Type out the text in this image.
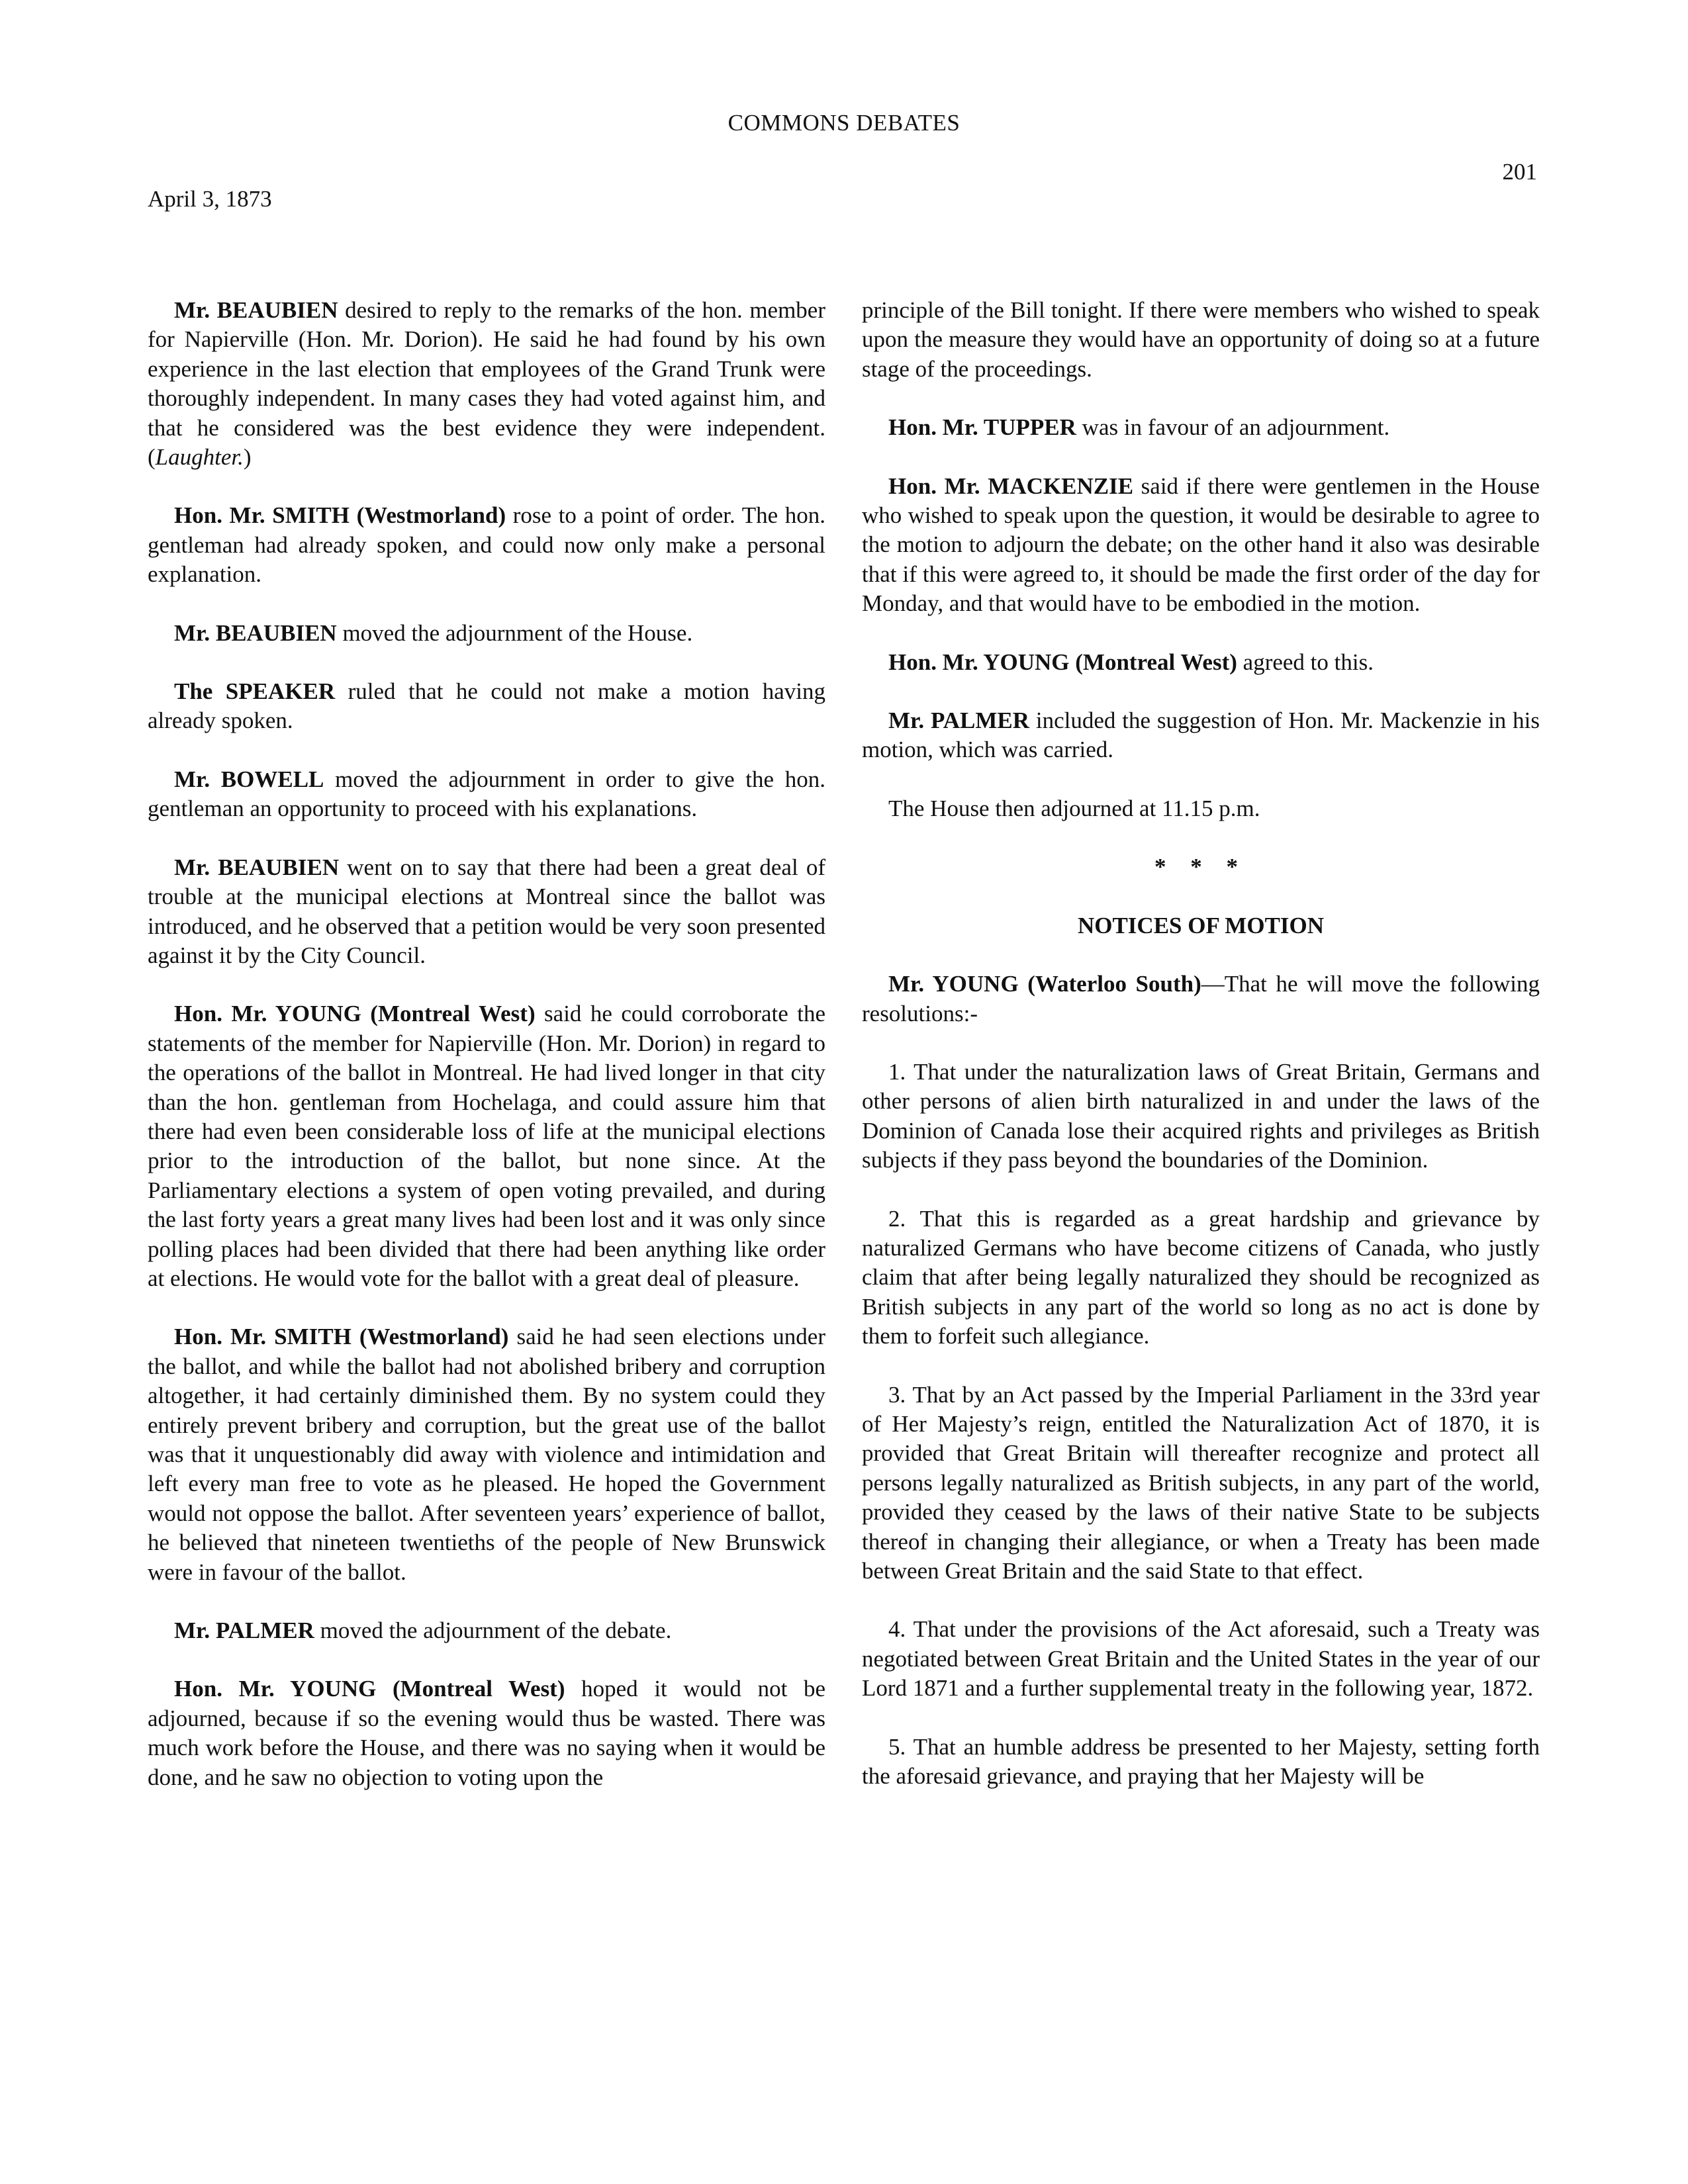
COMMONS DEBATES
201
April 3, 1873

Mr. BEAUBIEN desired to reply to the remarks of the hon. member for Napierville (Hon. Mr. Dorion). He said he had found by his own experience in the last election that employees of the Grand Trunk were thoroughly independent. In many cases they had voted against him, and that he considered was the best evidence they were independent. (Laughter.)

Hon. Mr. SMITH (Westmorland) rose to a point of order. The hon. gentleman had already spoken, and could now only make a personal explanation.

Mr. BEAUBIEN moved the adjournment of the House.

The SPEAKER ruled that he could not make a motion having already spoken.

Mr. BOWELL moved the adjournment in order to give the hon. gentleman an opportunity to proceed with his explanations.

Mr. BEAUBIEN went on to say that there had been a great deal of trouble at the municipal elections at Montreal since the ballot was introduced, and he observed that a petition would be very soon presented against it by the City Council.

Hon. Mr. YOUNG (Montreal West) said he could corroborate the statements of the member for Napierville (Hon. Mr. Dorion) in regard to the operations of the ballot in Montreal. He had lived longer in that city than the hon. gentleman from Hochelaga, and could assure him that there had even been considerable loss of life at the municipal elections prior to the introduction of the ballot, but none since. At the Parliamentary elections a system of open voting prevailed, and during the last forty years a great many lives had been lost and it was only since polling places had been divided that there had been anything like order at elections. He would vote for the ballot with a great deal of pleasure.

Hon. Mr. SMITH (Westmorland) said he had seen elections under the ballot, and while the ballot had not abolished bribery and corruption altogether, it had certainly diminished them. By no system could they entirely prevent bribery and corruption, but the great use of the ballot was that it unquestionably did away with violence and intimidation and left every man free to vote as he pleased. He hoped the Government would not oppose the ballot. After seventeen years’ experience of ballot, he believed that nineteen twentieths of the people of New Brunswick were in favour of the ballot.

Mr. PALMER moved the adjournment of the debate.

Hon. Mr. YOUNG (Montreal West) hoped it would not be adjourned, because if so the evening would thus be wasted. There was much work before the House, and there was no saying when it would be done, and he saw no objection to voting upon the

principle of the Bill tonight. If there were members who wished to speak upon the measure they would have an opportunity of doing so at a future stage of the proceedings.

Hon. Mr. TUPPER was in favour of an adjournment.

Hon. Mr. MACKENZIE said if there were gentlemen in the House who wished to speak upon the question, it would be desirable to agree to the motion to adjourn the debate; on the other hand it also was desirable that if this were agreed to, it should be made the first order of the day for Monday, and that would have to be embodied in the motion.

Hon. Mr. YOUNG (Montreal West) agreed to this.

Mr. PALMER included the suggestion of Hon. Mr. Mackenzie in his motion, which was carried.

The House then adjourned at 11.15 p.m.

* * *
NOTICES OF MOTION

Mr. YOUNG (Waterloo South)—That he will move the following resolutions:-

1. That under the naturalization laws of Great Britain, Germans and other persons of alien birth naturalized in and under the laws of the Dominion of Canada lose their acquired rights and privileges as British subjects if they pass beyond the boundaries of the Dominion.

2. That this is regarded as a great hardship and grievance by naturalized Germans who have become citizens of Canada, who justly claim that after being legally naturalized they should be recognized as British subjects in any part of the world so long as no act is done by them to forfeit such allegiance.

3. That by an Act passed by the Imperial Parliament in the 33rd year of Her Majesty’s reign, entitled the Naturalization Act of 1870, it is provided that Great Britain will thereafter recognize and protect all persons legally naturalized as British subjects, in any part of the world, provided they ceased by the laws of their native State to be subjects thereof in changing their allegiance, or when a Treaty has been made between Great Britain and the said State to that effect.

4. That under the provisions of the Act aforesaid, such a Treaty was negotiated between Great Britain and the United States in the year of our Lord 1871 and a further supplemental treaty in the following year, 1872.

5. That an humble address be presented to her Majesty, setting forth the aforesaid grievance, and praying that her Majesty will be
